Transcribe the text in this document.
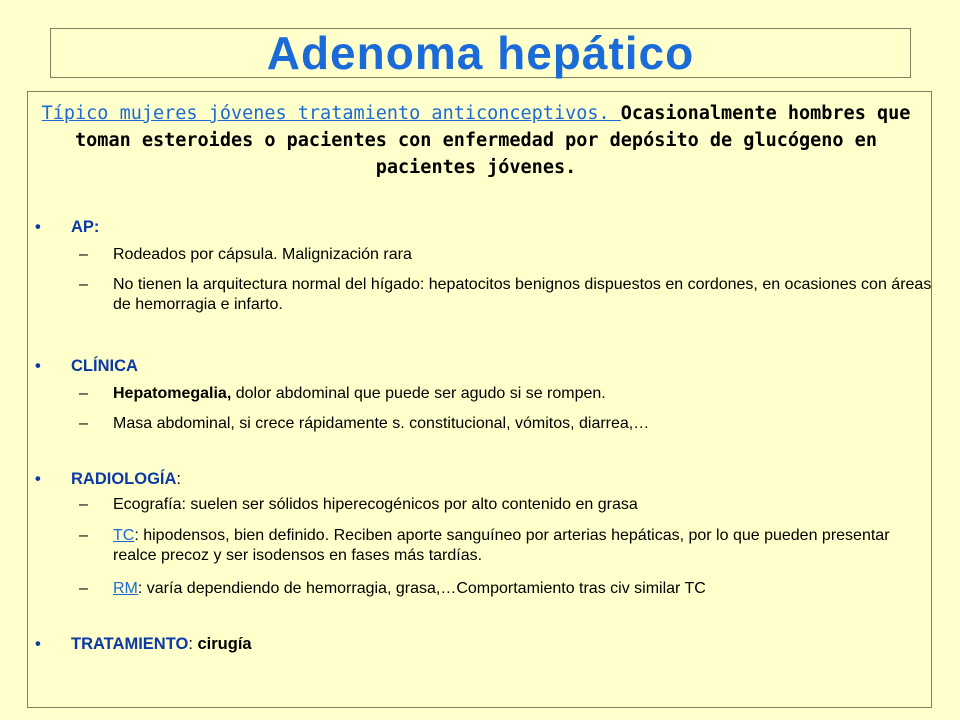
Adenoma hepático
Típico mujeres jóvenes tratamiento anticonceptivos. Ocasionalmente hombres que toman esteroides o pacientes con enfermedad por depósito de glucógeno en pacientes jóvenes.
• AP:
– Rodeados por cápsula. Malignización rara
– No tienen la arquitectura normal del hígado: hepatocitos benignos dispuestos en cordones, en ocasiones con áreas de hemorragia e infarto.
• CLÍNICA
– Hepatomegalia, dolor abdominal que puede ser agudo si se rompen.
– Masa abdominal, si crece rápidamente s. constitucional, vómitos, diarrea,…
• RADIOLOGÍA:
– Ecografía: suelen ser sólidos hiperecogénicos por alto contenido en grasa
– TC: hipodensos, bien definido. Reciben aporte sanguíneo por arterias hepáticas, por lo que pueden presentar realce precoz y ser isodensos en fases más tardías.
– RM: varía dependiendo de hemorragia, grasa,…Comportamiento tras civ similar TC
• TRATAMIENTO: cirugía
